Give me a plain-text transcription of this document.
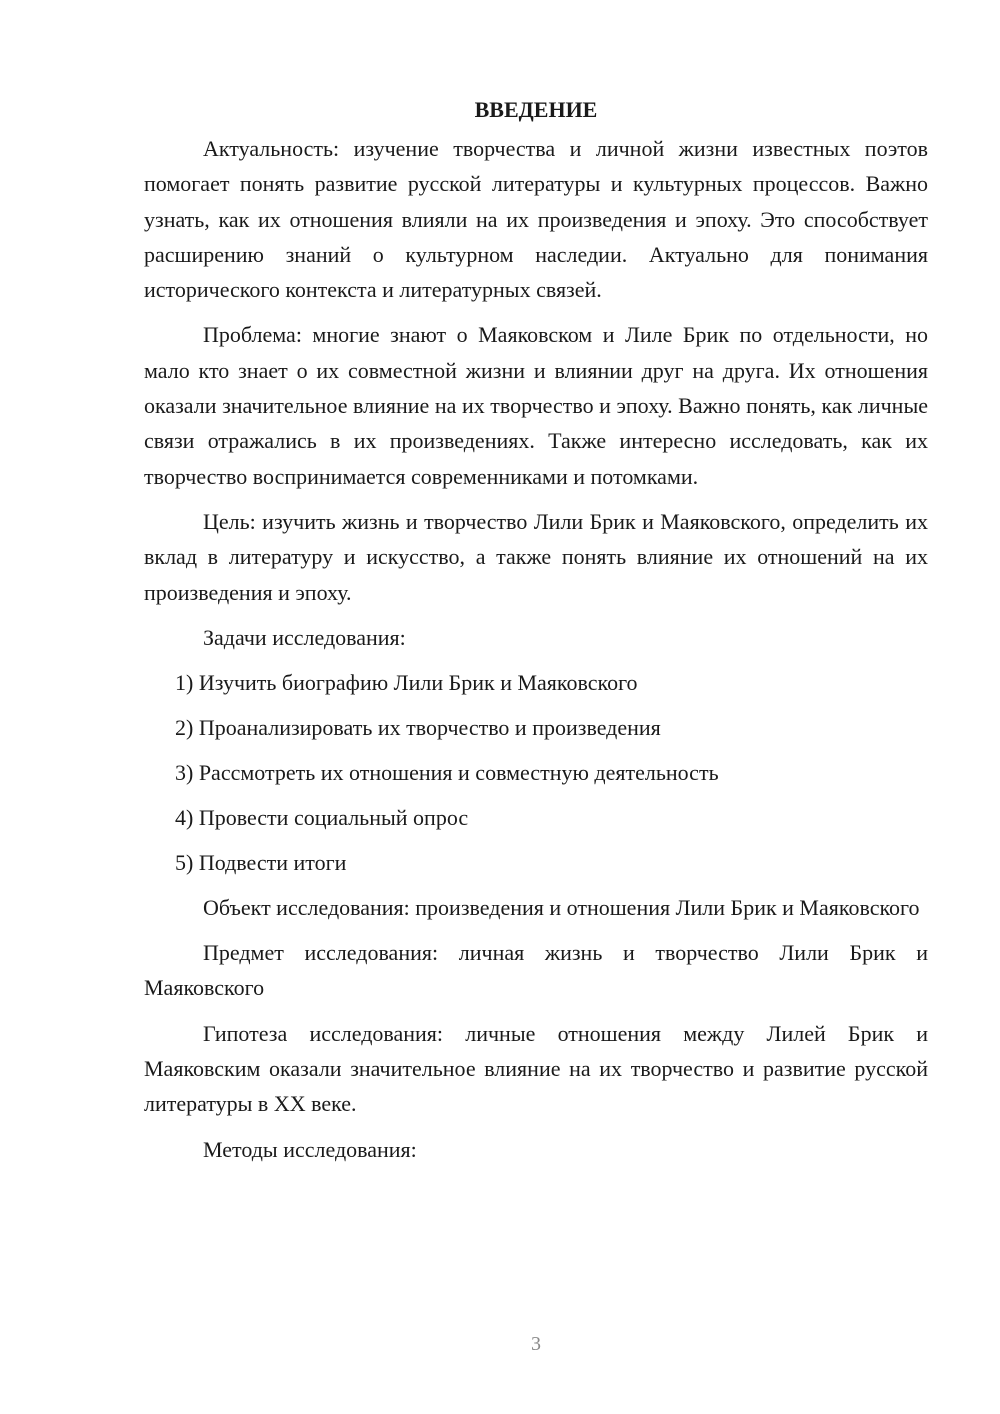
ВВЕДЕНИЕ

Актуальность: изучение творчества и личной жизни известных поэтов помогает понять развитие русской литературы и культурных процессов. Важно узнать, как их отношения влияли на их произведения и эпоху. Это способствует расширению знаний о культурном наследии. Актуально для понимания исторического контекста и литературных связей.

Проблема: многие знают о Маяковском и Лиле Брик по отдельности, но мало кто знает о их совместной жизни и влиянии друг на друга. Их отношения оказали значительное влияние на их творчество и эпоху. Важно понять, как личные связи отражались в их произведениях. Также интересно исследовать, как их творчество воспринимается современниками и потомками.

Цель: изучить жизнь и творчество Лили Брик и Маяковского, определить их вклад в литературу и искусство, а также понять влияние их отношений на их произведения и эпоху.

Задачи исследования:

1) Изучить биографию Лили Брик и Маяковского

2) Проанализировать их творчество и произведения

3) Рассмотреть их отношения и совместную деятельность

4) Провести социальный опрос

5) Подвести итоги

Объект исследования: произведения и отношения Лили Брик и Маяковского

Предмет исследования: личная жизнь и творчество Лили Брик и Маяковского

Гипотеза исследования: личные отношения между Лилей Брик и Маяковским оказали значительное влияние на их творчество и развитие русской литературы в XX веке.

Методы исследования:

3
